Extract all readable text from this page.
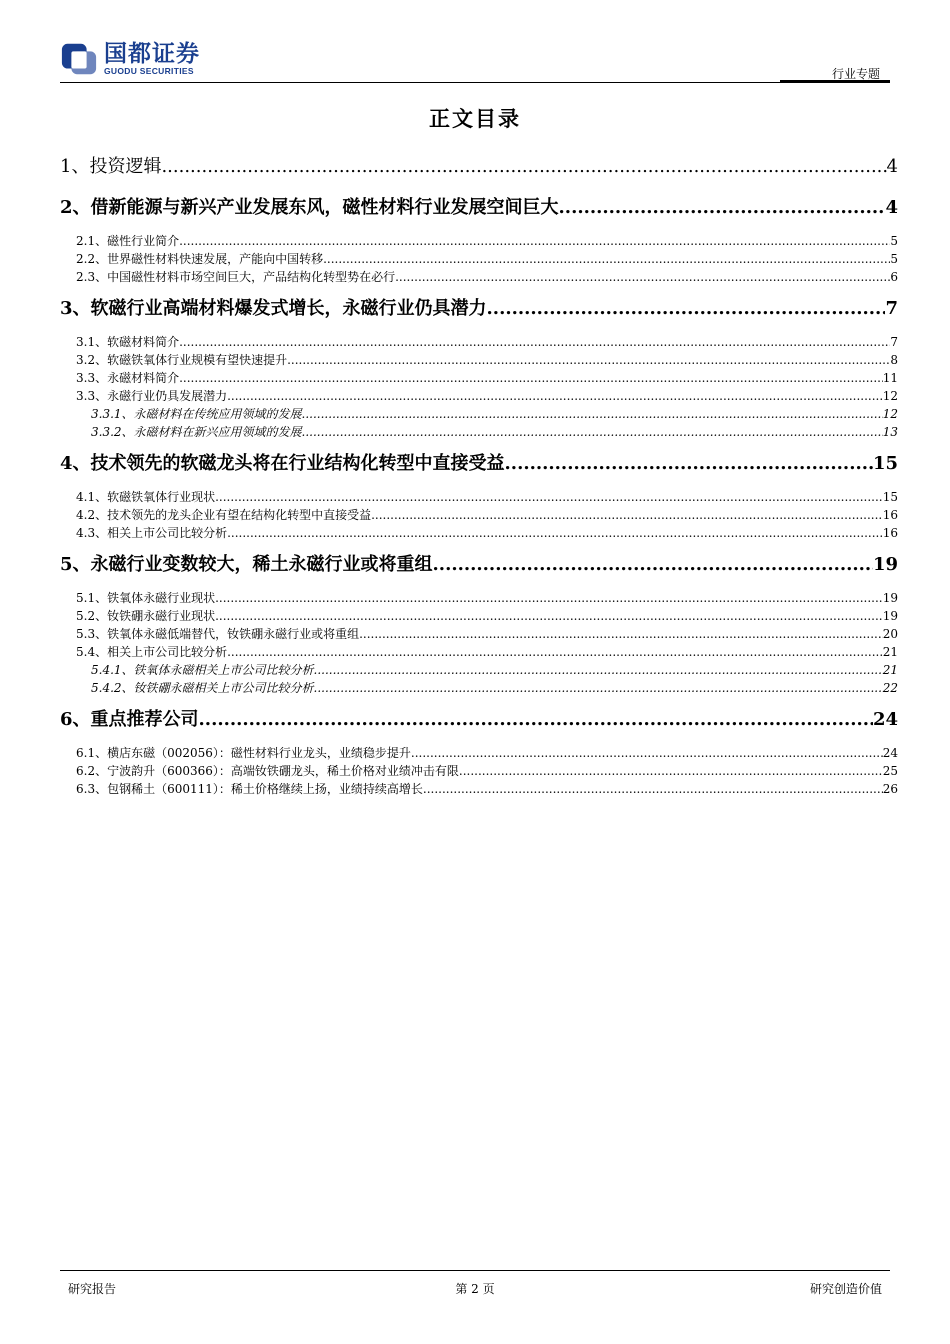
国都证券
GUODU SECURITIES	行业专题
正文目录
1、投资逻辑 .....	4
2、借新能源与新兴产业发展东风，磁性材料行业发展空间巨大 .....	4
2.1、磁性行业简介 .....	5
2.2、世界磁性材料快速发展，产能向中国转移 .....	5
2.3、中国磁性材料市场空间巨大，产品结构化转型势在必行 .....	6
3、软磁行业高端材料爆发式增长，永磁行业仍具潜力 .....	7
3.1、软磁材料简介 .....	7
3.2、软磁铁氧体行业规模有望快速提升 .....	8
3.3、永磁材料简介 .....	11
3.3、永磁行业仍具发展潜力 .....	12
3.3.1、永磁材料在传统应用领域的发展 .....	12
3.3.2、永磁材料在新兴应用领域的发展 .....	13
4、技术领先的软磁龙头将在行业结构化转型中直接受益 .....	15
4.1、软磁铁氧体行业现状 .....	15
4.2、技术领先的龙头企业有望在结构化转型中直接受益 .....	16
4.3、相关上市公司比较分析 .....	16
5、永磁行业变数较大，稀土永磁行业或将重组 .....	19
5.1、铁氧体永磁行业现状 .....	19
5.2、钕铁硼永磁行业现状 .....	19
5.3、铁氧体永磁低端替代，钕铁硼永磁行业或将重组 .....	20
5.4、相关上市公司比较分析 .....	21
5.4.1、铁氧体永磁相关上市公司比较分析 .....	21
5.4.2、钕铁硼永磁相关上市公司比较分析 .....	22
6、重点推荐公司 .....	24
6.1、横店东磁（002056）：磁性材料行业龙头，业绩稳步提升 .....	24
6.2、宁波韵升（600366）：高端钕铁硼龙头，稀土价格对业绩冲击有限 .....	25
6.3、包钢稀土（600111）：稀土价格继续上扬，业绩持续高增长 .....	26
研究报告	第 2 页	研究创造价值
